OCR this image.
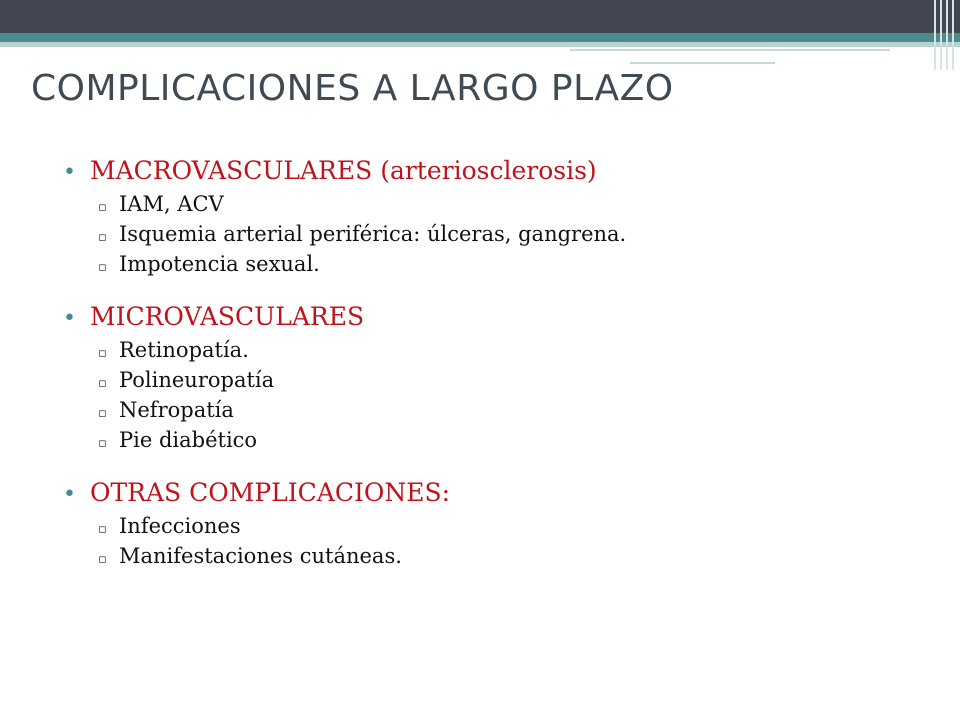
COMPLICACIONES A LARGO PLAZO
• MACROVASCULARES (arteriosclerosis)
▫ IAM, ACV
▫ Isquemia arterial periférica: úlceras, gangrena.
▫ Impotencia sexual.
• MICROVASCULARES
▫ Retinopatía.
▫ Polineuropatía
▫ Nefropatía
▫ Pie diabético
• OTRAS COMPLICACIONES:
▫ Infecciones
▫ Manifestaciones cutáneas.
